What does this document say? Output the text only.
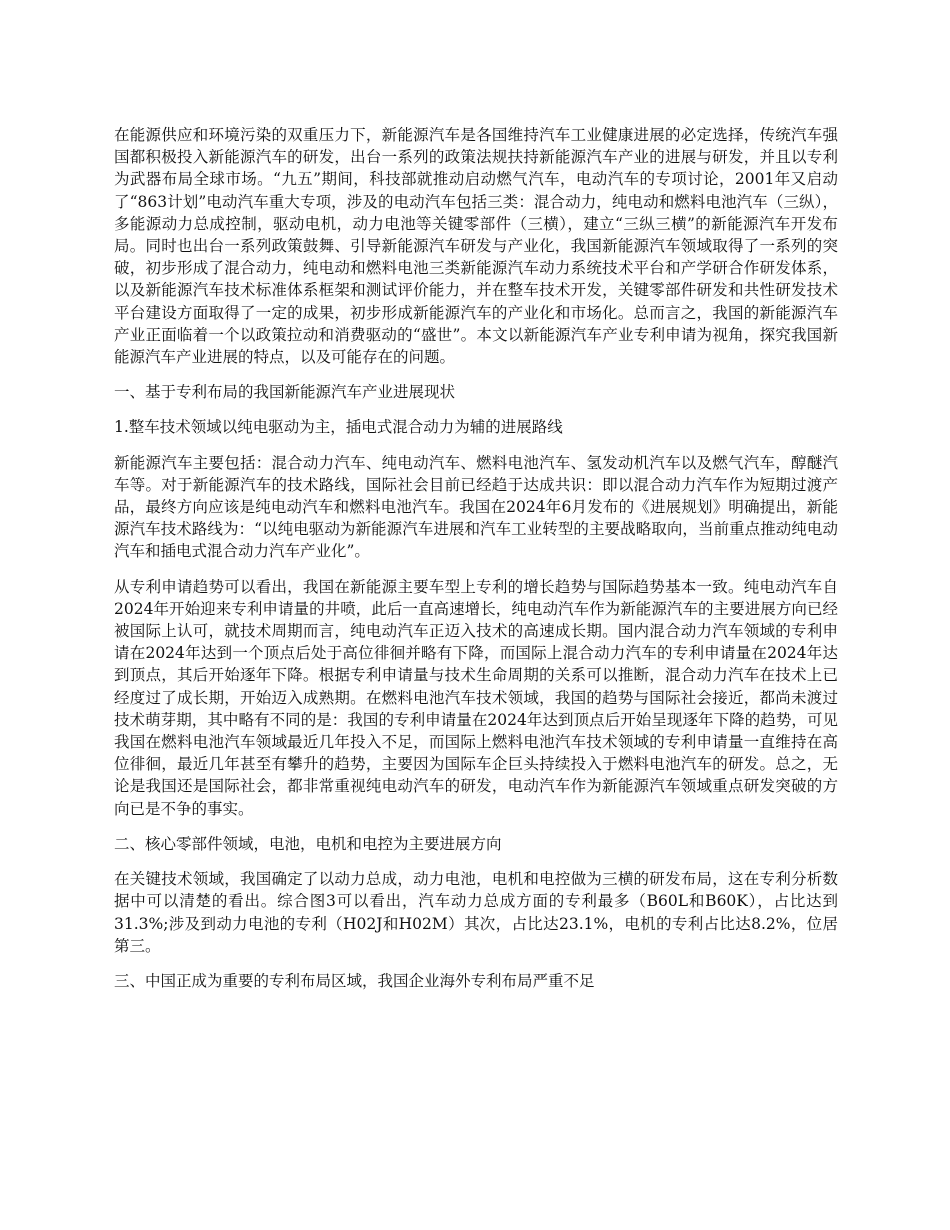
在能源供应和环境污染的双重压力下，新能源汽车是各国维持汽车工业健康进展的必定选择，传统汽车强国都积极投入新能源汽车的研发，出台一系列的政策法规扶持新能源汽车产业的进展与研发，并且以专利为武器布局全球市场。“九五”期间，科技部就推动启动燃气汽车，电动汽车的专项讨论，2001年又启动了“863计划”电动汽车重大专项，涉及的电动汽车包括三类：混合动力，纯电动和燃料电池汽车（三纵），多能源动力总成控制，驱动电机，动力电池等关键零部件（三横），建立“三纵三横”的新能源汽车开发布局。同时也出台一系列政策鼓舞、引导新能源汽车研发与产业化，我国新能源汽车领域取得了一系列的突破，初步形成了混合动力，纯电动和燃料电池三类新能源汽车动力系统技术平台和产学研合作研发体系，以及新能源汽车技术标准体系框架和测试评价能力，并在整车技术开发，关键零部件研发和共性研发技术平台建设方面取得了一定的成果，初步形成新能源汽车的产业化和市场化。总而言之，我国的新能源汽车产业正面临着一个以政策拉动和消费驱动的“盛世”。本文以新能源汽车产业专利申请为视角，探究我国新能源汽车产业进展的特点，以及可能存在的问题。

一、基于专利布局的我国新能源汽车产业进展现状

1.整车技术领域以纯电驱动为主，插电式混合动力为辅的进展路线

新能源汽车主要包括：混合动力汽车、纯电动汽车、燃料电池汽车、氢发动机汽车以及燃气汽车，醇醚汽车等。对于新能源汽车的技术路线，国际社会目前已经趋于达成共识：即以混合动力汽车作为短期过渡产品，最终方向应该是纯电动汽车和燃料电池汽车。我国在2024年6月发布的《进展规划》明确提出，新能源汽车技术路线为：“以纯电驱动为新能源汽车进展和汽车工业转型的主要战略取向，当前重点推动纯电动汽车和插电式混合动力汽车产业化”。

从专利申请趋势可以看出，我国在新能源主要车型上专利的增长趋势与国际趋势基本一致。纯电动汽车自2024年开始迎来专利申请量的井喷，此后一直高速增长，纯电动汽车作为新能源汽车的主要进展方向已经被国际上认可，就技术周期而言，纯电动汽车正迈入技术的高速成长期。国内混合动力汽车领域的专利申请在2024年达到一个顶点后处于高位徘徊并略有下降，而国际上混合动力汽车的专利申请量在2024年达到顶点，其后开始逐年下降。根据专利申请量与技术生命周期的关系可以推断，混合动力汽车在技术上已经度过了成长期，开始迈入成熟期。在燃料电池汽车技术领域，我国的趋势与国际社会接近，都尚未渡过技术萌芽期，其中略有不同的是：我国的专利申请量在2024年达到顶点后开始呈现逐年下降的趋势，可见我国在燃料电池汽车领域最近几年投入不足，而国际上燃料电池汽车技术领域的专利申请量一直维持在高位徘徊，最近几年甚至有攀升的趋势，主要因为国际车企巨头持续投入于燃料电池汽车的研发。总之，无论是我国还是国际社会，都非常重视纯电动汽车的研发，电动汽车作为新能源汽车领域重点研发突破的方向已是不争的事实。

二、核心零部件领域，电池，电机和电控为主要进展方向

在关键技术领域，我国确定了以动力总成，动力电池，电机和电控做为三横的研发布局，这在专利分析数据中可以清楚的看出。综合图3可以看出，汽车动力总成方面的专利最多（B60L和B60K），占比达到31.3%;涉及到动力电池的专利（H02J和H02M）其次，占比达23.1%，电机的专利占比达8.2%，位居第三。

三、中国正成为重要的专利布局区域，我国企业海外专利布局严重不足
